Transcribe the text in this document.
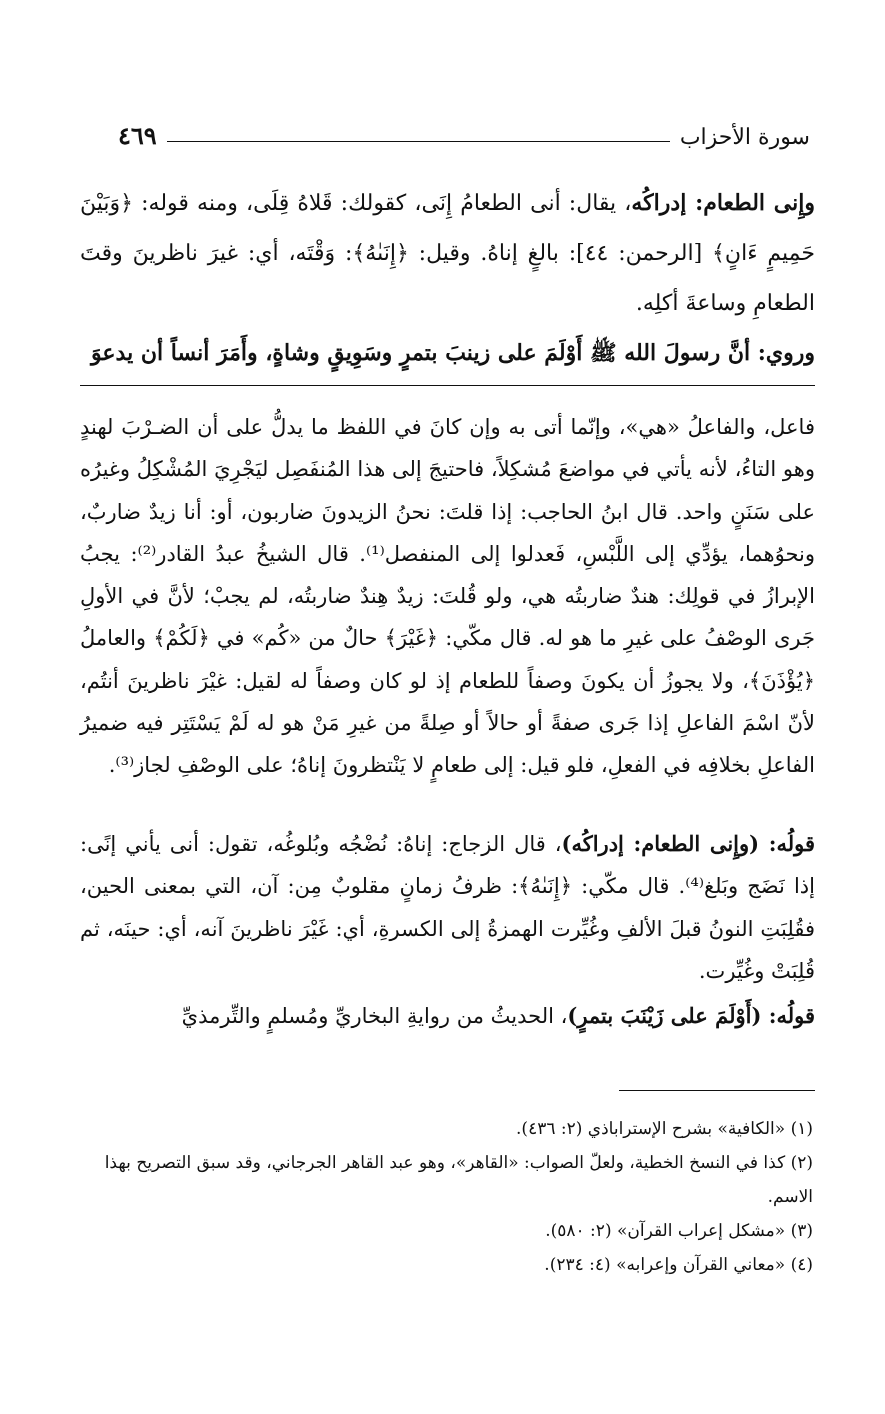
سورة الأحزاب
٤٦٩

وإِنى الطعام: إدراكُه، يقال: أنى الطعامُ إِنَى، كقولك: قَلاهُ قِلَى، ومنه قوله: ﴿وَبَيْنَ حَمِيمٍ ءَانٍ﴾ [الرحمن: ٤٤]: بالغٍ إناهُ. وقيل: ﴿إِنَىٰهُ﴾: وَقْتَه، أي: غيرَ ناظرينَ وقتَ الطعامِ وساعةَ أكلِه.

وروي: أنَّ رسولَ الله ﷺ أَوْلَمَ على زينبَ بتمرٍ وسَوِيقٍ وشاةٍ، وأَمَرَ أنساً أن يدعوَ

فاعل، والفاعلُ «هي»، وإنّما أتى به وإن كانَ في اللفظ ما يدلُّ على أن الضـرْبَ لهندٍ وهو التاءُ، لأنه يأتي في مواضعَ مُشكِلاً، فاحتيجَ إلى هذا المُنفَصِل ليَجْرِيَ المُشْكِلُ وغيرُه على سَنَنٍ واحد. قال ابنُ الحاجب: إذا قلتَ: نحنُ الزيدونَ ضاربون، أو: أنا زيدٌ ضاربٌ، ونحوُهما، يؤدِّي إلى اللَّبْسِ، فَعدلوا إلى المنفصل⁽¹⁾. قال الشيخُ عبدُ القادر⁽²⁾: يجبُ الإبرازُ في قولِك: هندٌ ضاربتُه هي، ولو قُلتَ: زيدٌ هِندٌ ضاربتُه، لم يجبْ؛ لأنَّ في الأولِ جَرى الوصْفُ على غيرِ ما هو له. قال مكّي: ﴿غَيْرَ﴾ حالٌ من «كُم» في ﴿لَكُمْ﴾ والعاملُ ﴿يُؤْذَنَ﴾، ولا يجوزُ أن يكونَ وصفاً للطعام إذ لو كان وصفاً له لقيل: غيْرَ ناظرينَ أنتُم، لأنّ اسْمَ الفاعلِ إذا جَرى صفةً أو حالاً أو صِلةً من غيرِ مَنْ هو له لَمْ يَسْتَتِر فيه ضميرُ الفاعلِ بخلافِه في الفعلِ، فلو قيل: إلى طعامٍ لا يَنْتظرونَ إناهُ؛ على الوصْفِ لجاز⁽³⁾.

قولُه: (وإِنى الطعام: إدراكُه)، قال الزجاج: إناهُ: نُضْجُه وبُلوغُه، تقول: أنى يأني إنًى: إذا نَضَج وبَلغ⁽⁴⁾. قال مكّي: ﴿إِنَىٰهُ﴾: ظرفُ زمانٍ مقلوبٌ مِن: آن، التي بمعنى الحين، فقُلِبَتِ النونُ قبلَ الألفِ وغُيِّرت الهمزةُ إلى الكسرةِ، أي: غَيْرَ ناظرينَ آنه، أي: حينَه، ثم قُلِبَتْ وغُيِّرت.

قولُه: (أَوْلَمَ على زَيْنَبَ بتمرٍ)، الحديثُ من روايةِ البخاريِّ ومُسلمٍ والتِّرمذيِّ

(١) «الكافية» بشرح الإستراباذي (٢: ٤٣٦).

(٢) كذا في النسخ الخطية، ولعلّ الصواب: «القاهر»، وهو عبد القاهر الجرجاني، وقد سبق التصريح بهذا الاسم.

(٣) «مشكل إعراب القرآن» (٢: ٥٨٠).

(٤) «معاني القرآن وإعرابه» (٤: ٢٣٤).
